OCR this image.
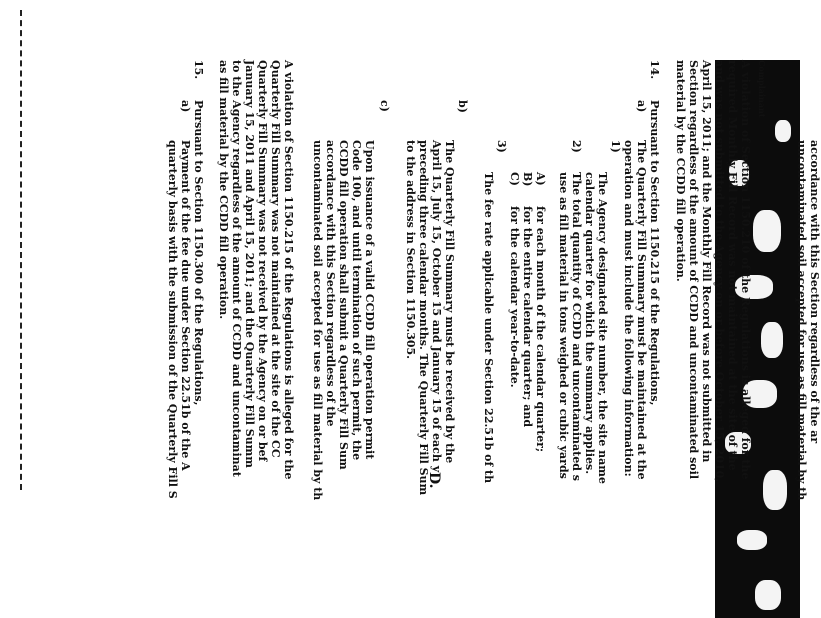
Complainant
accordance with this Section regardless of the ar
uncontaminated soil accepted for use as fill material by th
A violation of Section 1150.210 of the Regulations is alleged for the
required Monthly Fill Record was not maintained at the site of the
and was not submitted to the Agency on or before October 15, 2010,
April 15, 2011; and the Monthly Fill Record was not submitted in
Section regardless of the amount of CCDD and uncontaminated soil
material by the CCDD fill operation.
14.
Pursuant to Section 1150.215 of the Regulations,
a)
The Quarterly Fill Summary must be maintained at the
operation and must include the following information:
1)
The Agency designated site number, the site name
calendar quarter for which the summary applies.
2)
The total quantity of CCDD and uncontaminated s
use as fill material in tons weighed or cubic yards
A)
for each month of the calendar quarter;
B)
for the entire calendar quarter; and
C)
for the calendar year-to-date.
3)
The fee rate applicable under Section 22.51b of th
b)
The Quarterly Fill Summary must be received by the
April 15, July 15, October 15 and January 15 of each y
preceding three calendar months. The Quarterly Fill Sum
to the address in Section 1150.305.
c)
Upon issuance of a valid CCDD fill operation permit
Code 100, and until termination of such permit, the
CCDD fill operation shall submit a Quarterly Fill Sum
accordance with this Section regardless of the
uncontaminated soil accepted for use as fill material by th
A violation of Section 1150.215 of the Regulations is alleged for the
Quarterly Fill Summary was not maintained at the site of the CC
Quarterly Fill Summary was not received by the Agency on or bef
January 15, 2011 and April 15, 2011; and the Quarterly Fill Summ
to the Agency regardless of the amount of CCDD and uncontaminat
as fill material by the CCDD fill operation.
15.
Pursuant to Section 1150.300 of the Regulations,
a)
Payment of the fee due under Section 22.51b of the A
quarterly basis with the submission of the Quarterly Fill S	D.
